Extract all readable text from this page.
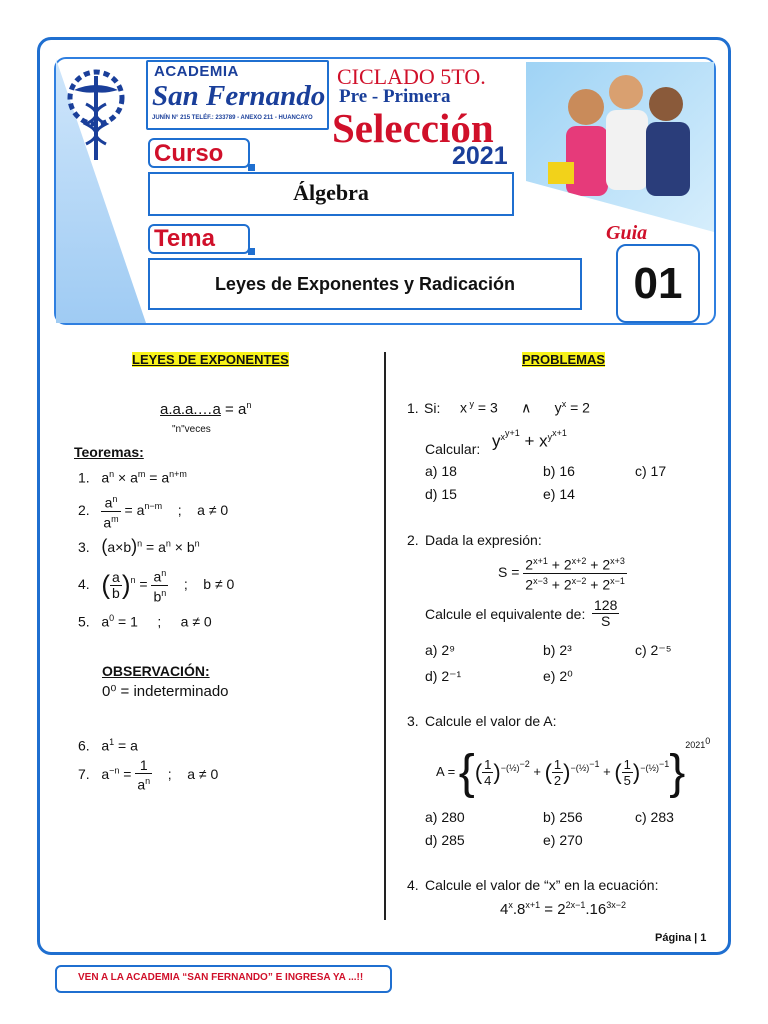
ACADEMIA
San Fernando
JUNÍN N° 215 TELÉF.: 233789 - ANEXO 211 - HUANCAYO
CICLADO 5TO.
Pre - Primera
Selección
2021
Curso
Álgebra
Tema
Leyes de Exponentes y Radicación
Guia
01
LEYES DE EXPONENTES
a.a.a.…a = $a^n$
"n"veces
Teoremas:
1.   $a^n \times a^m = a^{n+m}$
2. $\frac{a^n}{a^m} = a^{n-m}$    ;    a ≠ 0
3.   $(a\times b)^n = a^n \times b^n$
4.   ( $\frac{a}{b} )^n = \frac{a^n}{b^n}$ ;    b ≠ 0
5.   $a^0 = 1$     ;     a ≠ 0
OBSERVACIÓN:
0⁰ = indeterminado
6.   $a^1 = a$
7.   $a^{-n} = \frac{1}{a^n}$ ;    a ≠ 0
PROBLEMAS
1. Si: x $^y$ = 3      ∧      $y^x = 2$
Calcular: $y^{x^{y+1}} + x^{y^{x+1}}$
a) 18	b) 16	c) 17
d) 15	e) 14
2. Dada la expresión:
$S = \frac{2^{x+1} + 2^{x+2} + 2^{x+3}}{2^{x-3} + 2^{x-2} + 2^{x-1}}$
Calcule el equivalente de: $\frac{128}{S}$
a) 2⁹	b) 2³	c) 2⁻⁵
d) 2⁻¹	e) 2⁰
3. Calcule el valor de A:
A = {( $\frac{1}{4} )^{-(\frac{1}{2})^{-2}}$ + ( $\frac{1}{2} )^{-(\frac{1}{2})^{-1}}$ + ( $\frac{1}{5} )^{-(\frac{1}{2})^{-1}}\}^{2021^0}$
a) 280	b) 256	c) 283
d) 285	e) 270
4. Calcule el valor de “x” en la ecuación:
$4^x.8^{x+1} = 2^{2x-1}.16^{3x-2}$
Página | 1
VEN A LA ACADEMIA “SAN FERNANDO” E INGRESA YA ...!!
